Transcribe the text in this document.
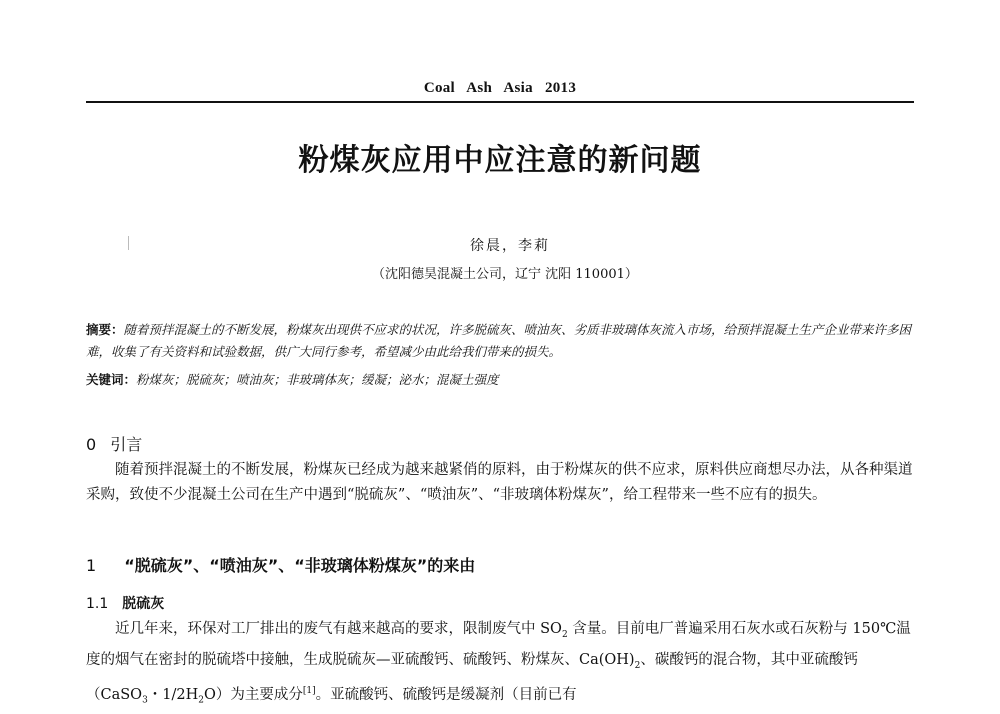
Coal Ash Asia 2013
粉煤灰应用中应注意的新问题
徐晨，李莉
（沈阳德昊混凝土公司，辽宁 沈阳 110001）
摘要：随着预拌混凝土的不断发展，粉煤灰出现供不应求的状况，许多脱硫灰、喷油灰、劣质非玻璃体灰流入市场，给预拌混凝土生产企业带来许多困难，收集了有关资料和试验数据，供广大同行参考，希望减少由此给我们带来的损失。
关键词：粉煤灰；脱硫灰；喷油灰；非玻璃体灰；缓凝；泌水；混凝土强度
0 引言

随着预拌混凝土的不断发展，粉煤灰已经成为越来越紧俏的原料，由于粉煤灰的供不应求，原料供应商想尽办法，从各种渠道采购，致使不少混凝土公司在生产中遇到“脱硫灰”、“喷油灰”、“非玻璃体粉煤灰”，给工程带来一些不应有的损失。

1 “脱硫灰”、“喷油灰”、“非玻璃体粉煤灰”的来由
1.1 脱硫灰

近几年来，环保对工厂排出的废气有越来越高的要求，限制废气中 $SO_2$ 含量。目前电厂普遍采用石灰水或石灰粉与 150℃温度的烟气在密封的脱硫塔中接触，生成脱硫灰—亚硫酸钙、硫酸钙、粉煤灰、$Ca(OH)_2$、碳酸钙的混合物，其中亚硫酸钙（CaSO$_3$・$1/2H_2O$）为主要成分[1]。亚硫酸钙、硫酸钙是缓凝剂（目前已有
